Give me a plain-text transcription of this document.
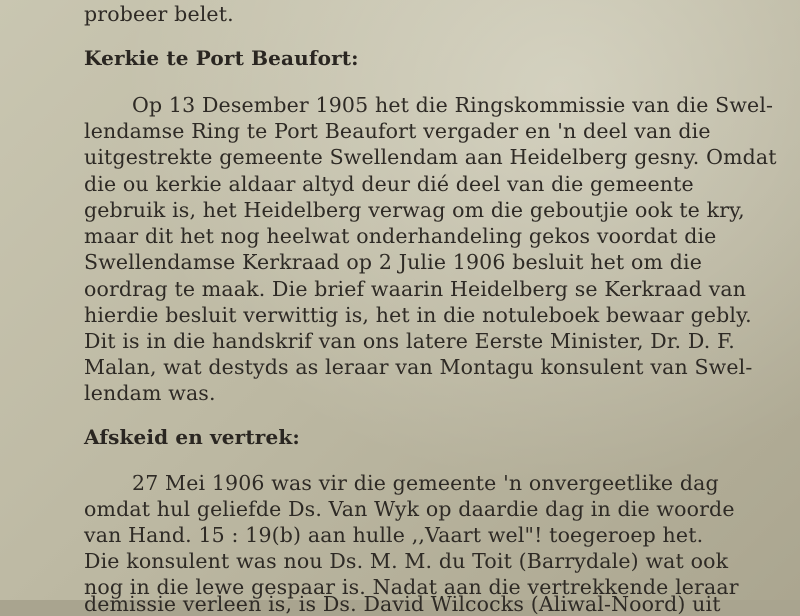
probeer belet.
Kerkie te Port Beaufort:
Op 13 Desember 1905 het die Ringskommissie van die Swel-
lendamse Ring te Port Beaufort vergader en 'n deel van die
uitgestrekte gemeente Swellendam aan Heidelberg gesny. Omdat
die ou kerkie aldaar altyd deur dié deel van die gemeente
gebruik is, het Heidelberg verwag om die geboutjie ook te kry,
maar dit het nog heelwat onderhandeling gekos voordat die
Swellendamse Kerkraad op 2 Julie 1906 besluit het om die
oordrag te maak. Die brief waarin Heidelberg se Kerkraad van
hierdie besluit verwittig is, het in die notuleboek bewaar gebly.
Dit is in die handskrif van ons latere Eerste Minister, Dr. D. F.
Malan, wat destyds as leraar van Montagu konsulent van Swel-
lendam was.
Afskeid en vertrek:
27 Mei 1906 was vir die gemeente 'n onvergeetlike dag
omdat hul geliefde Ds. Van Wyk op daardie dag in die woorde
van Hand. 15 : 19(b) aan hulle ,,Vaart wel"! toegeroep het.
Die konsulent was nou Ds. M. M. du Toit (Barrydale) wat ook
nog in die lewe gespaar is. Nadat aan die vertrekkende leraar
demissie verleen is, is Ds. David Wilcocks (Aliwal-Noord) uit
